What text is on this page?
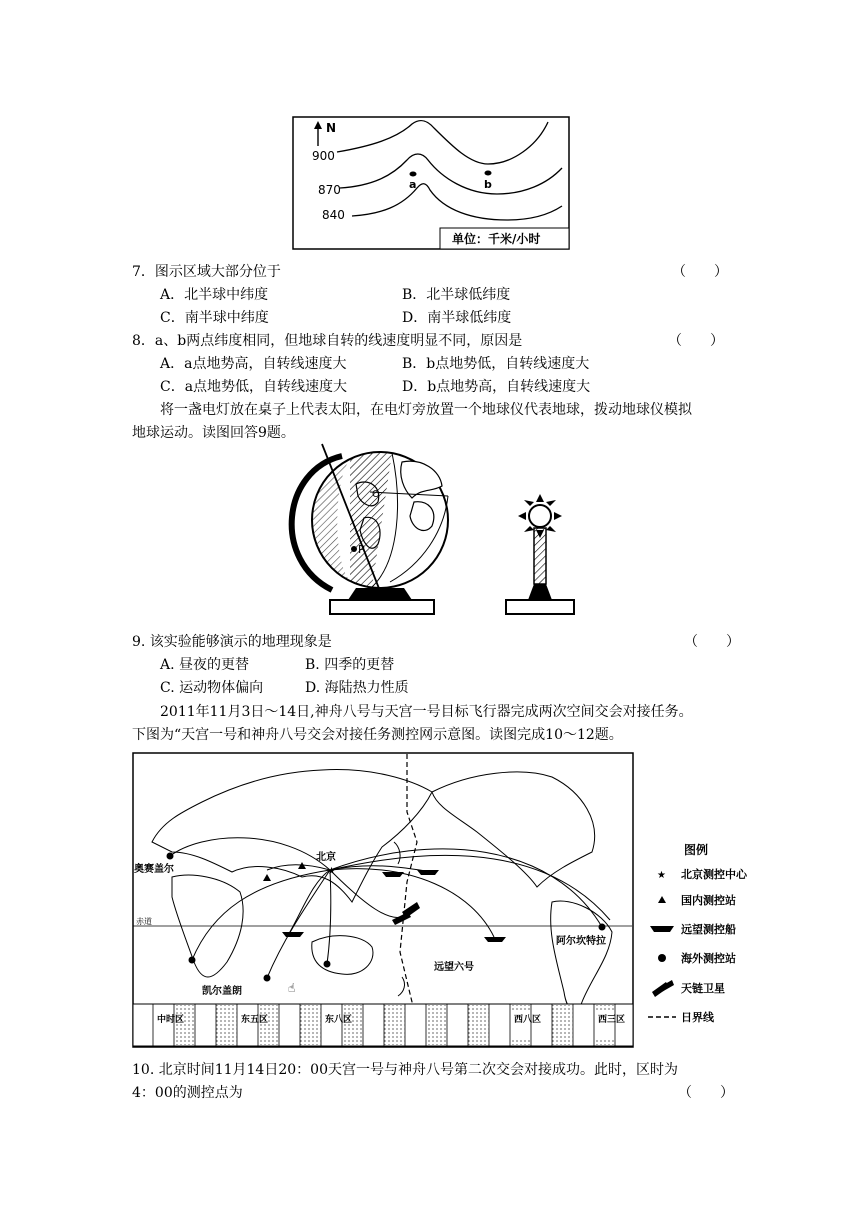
N
900
870
840
a	b
单位：千米/小时
7．图示区域大部分位于	（　　）
A．北半球中纬度	B．北半球低纬度
C．南半球中纬度	D．南半球低纬度
8．a、b两点纬度相同，但地球自转的线速度明显不同，原因是	（　　）
A．a点地势高，自转线速度大	B．b点地势低，自转线速度大
C．a点地势低，自转线速度大	D．b点地势高，自转线速度大
将一盏电灯放在桌子上代表太阳，在电灯旁放置一个地球仪代表地球，拨动地球仪模拟
地球运动。读图回答9题。
P
O
9. 该实验能够演示的地理现象是	（　　）
A. 昼夜的更替	B. 四季的更替
C. 运动物体偏向	D. 海陆热力性质
2011年11月3日～14日,神舟八号与天宫一号目标飞行器完成两次空间交会对接任务。
下图为“天宫一号和神舟八号交会对接任务测控网示意图。读图完成10～12题。
赤道
★
北京
奥赛盖尔
凯尔盖朗
阿尔坎特拉
远望六号
☝
中时区	东五区	东八区	西八区	西三区
图例
★ 北京测控中心
国内测控站
远望测控船
海外测控站
天链卫星
日界线
10. 北京时间11月14日20：00天宫一号与神舟八号第二次交会对接成功。此时，区时为
4：00的测控点为	（　　）
